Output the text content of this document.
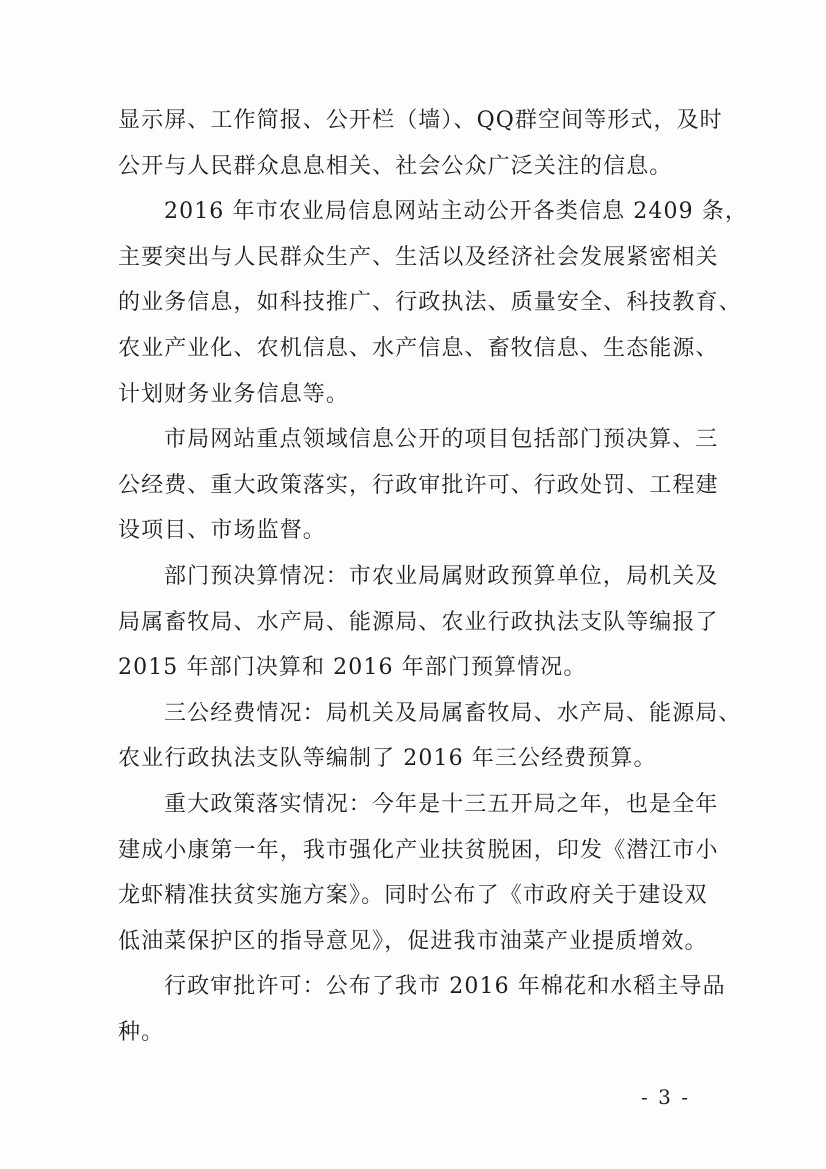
显示屏、工作简报、公开栏（墙）、QQ群空间等形式，及时
公开与人民群众息息相关、社会公众广泛关注的信息。
2016 年市农业局信息网站主动公开各类信息 2409 条，
主要突出与人民群众生产、生活以及经济社会发展紧密相关
的业务信息，如科技推广、行政执法、质量安全、科技教育、
农业产业化、农机信息、水产信息、畜牧信息、生态能源、
计划财务业务信息等。
市局网站重点领域信息公开的项目包括部门预决算、三
公经费、重大政策落实，行政审批许可、行政处罚、工程建
设项目、市场监督。
部门预决算情况：市农业局属财政预算单位，局机关及
局属畜牧局、水产局、能源局、农业行政执法支队等编报了
2015 年部门决算和 2016 年部门预算情况。
三公经费情况：局机关及局属畜牧局、水产局、能源局、
农业行政执法支队等编制了 2016 年三公经费预算。
重大政策落实情况：今年是十三五开局之年，也是全年
建成小康第一年，我市强化产业扶贫脱困，印发《潜江市小
龙虾精准扶贫实施方案》。同时公布了《市政府关于建设双
低油菜保护区的指导意见》，促进我市油菜产业提质增效。
行政审批许可：公布了我市 2016 年棉花和水稻主导品
种。
- 3 -
